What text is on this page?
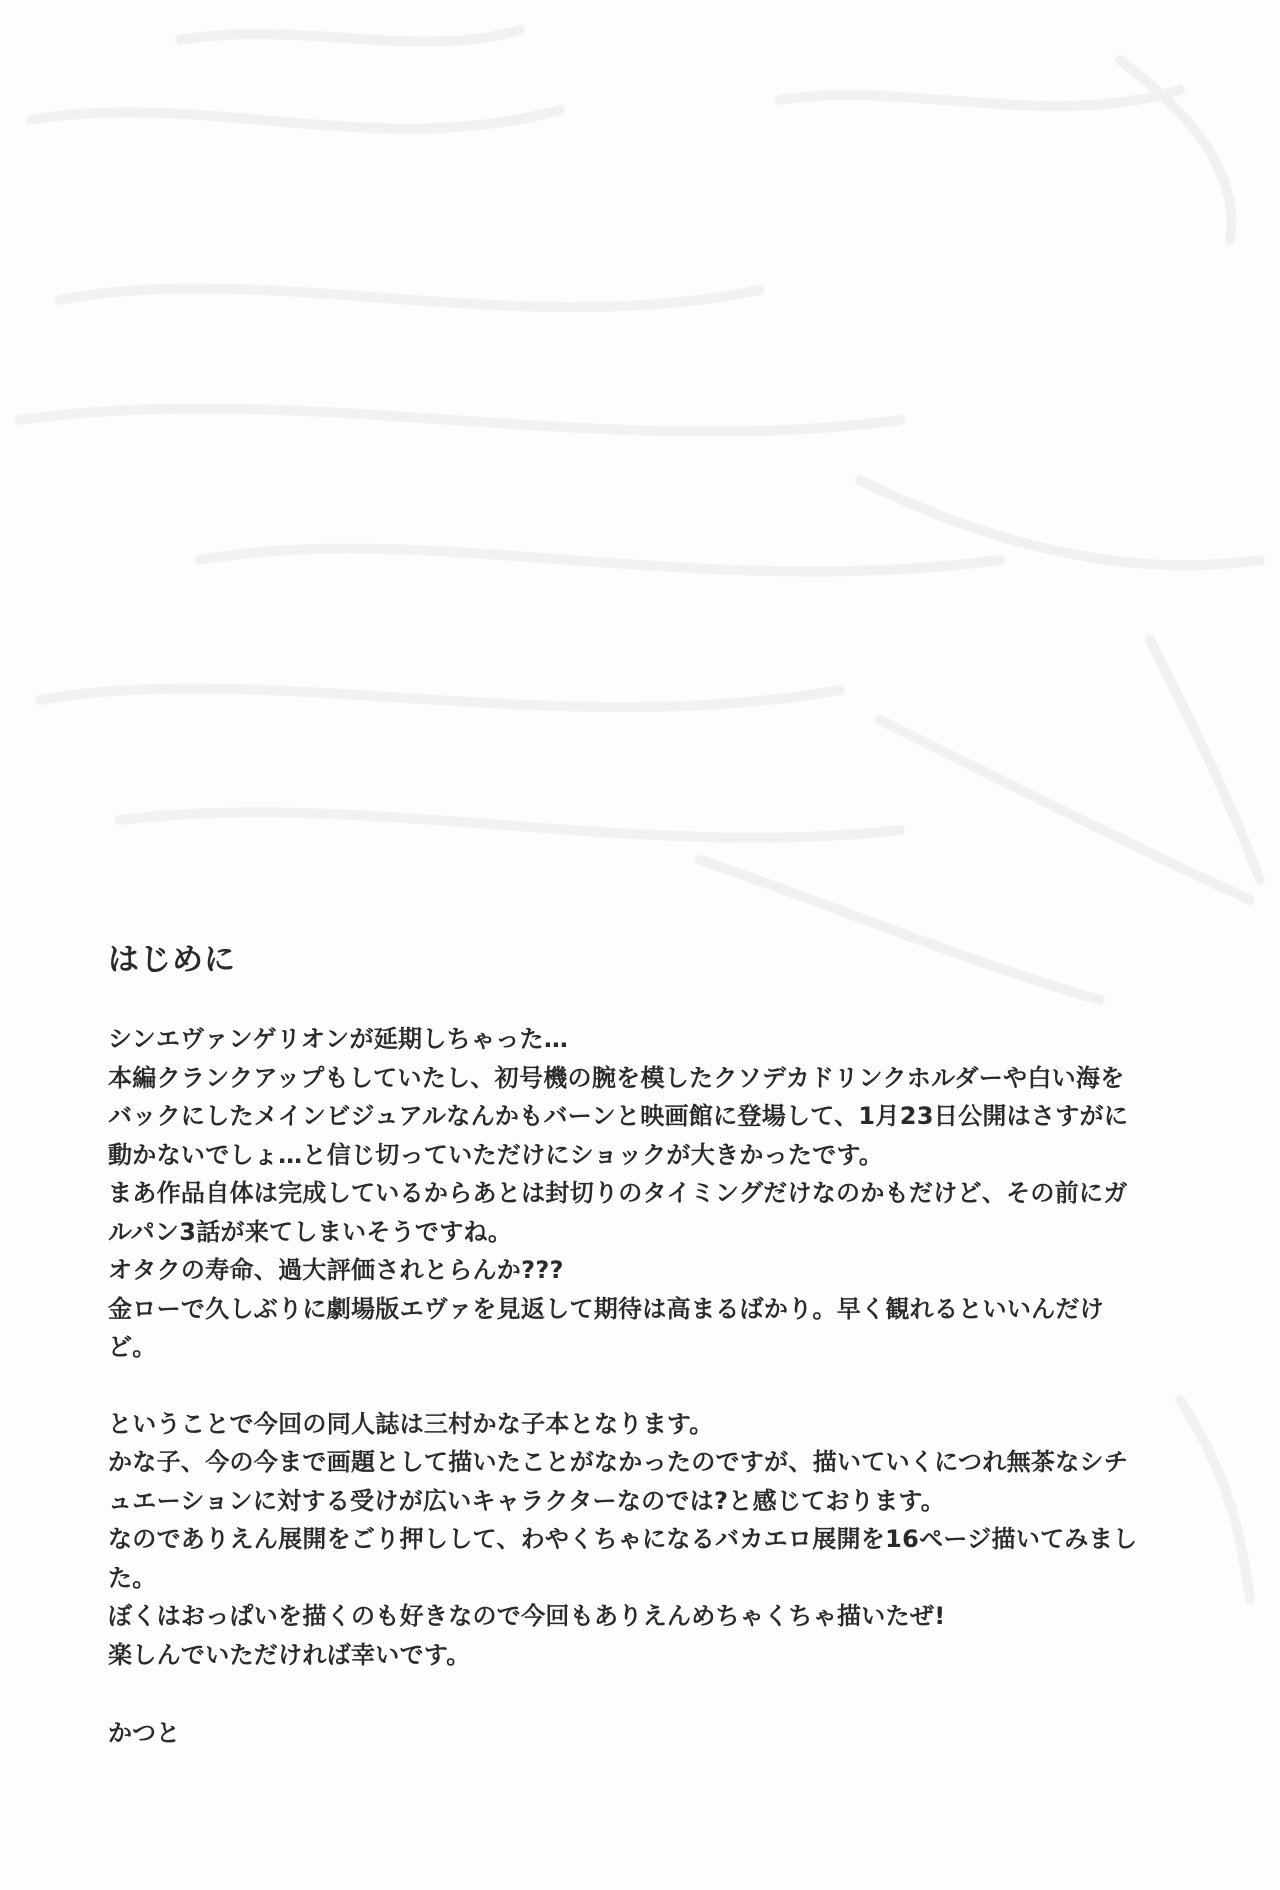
はじめに
シンエヴァンゲリオンが延期しちゃった…
本編クランクアップもしていたし、初号機の腕を模したクソデカドリンクホルダーや白い海を
バックにしたメインビジュアルなんかもバーンと映画館に登場して、1月23日公開はさすがに
動かないでしょ…と信じ切っていただけにショックが大きかったです。
まあ作品自体は完成しているからあとは封切りのタイミングだけなのかもだけど、その前にガ
ルパン3話が来てしまいそうですね。
オタクの寿命、過大評価されとらんか???
金ローで久しぶりに劇場版エヴァを見返して期待は高まるばかり。早く観れるといいんだけ
ど。
ということで今回の同人誌は三村かな子本となります。
かな子、今の今まで画題として描いたことがなかったのですが、描いていくにつれ無茶なシチ
ュエーションに対する受けが広いキャラクターなのでは?と感じております。
なのでありえん展開をごり押しして、わやくちゃになるバカエロ展開を16ページ描いてみまし
た。
ぼくはおっぱいを描くのも好きなので今回もありえんめちゃくちゃ描いたぜ!
楽しんでいただければ幸いです。
かつと
